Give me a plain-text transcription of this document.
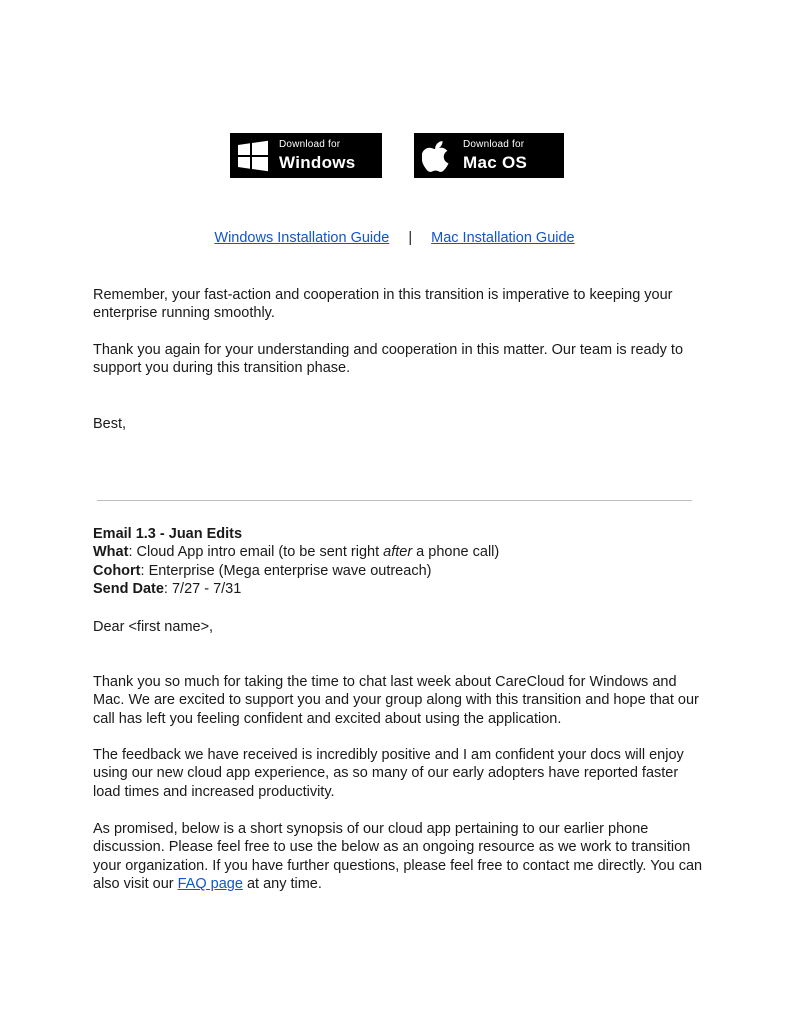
Download for
Windows
Download for
Mac OS
Windows Installation Guide | Mac Installation Guide

Remember, your fast-action and cooperation in this transition is imperative to keeping your enterprise running smoothly.

Thank you again for your understanding and cooperation in this matter. Our team is ready to support you during this transition phase.

Best,

Email 1.3 - Juan Edits
What: Cloud App intro email (to be sent right after a phone call)
Cohort: Enterprise (Mega enterprise wave outreach)
Send Date: 7/27 - 7/31

Dear <first name>,

Thank you so much for taking the time to chat last week about CareCloud for Windows and Mac. We are excited to support you and your group along with this transition and hope that our call has left you feeling confident and excited about using the application.

The feedback we have received is incredibly positive and I am confident your docs will enjoy using our new cloud app experience, as so many of our early adopters have reported faster load times and increased productivity.

As promised, below is a short synopsis of our cloud app pertaining to our earlier phone discussion. Please feel free to use the below as an ongoing resource as we work to transition your organization. If you have further questions, please feel free to contact me directly. You can also visit our FAQ page at any time.
